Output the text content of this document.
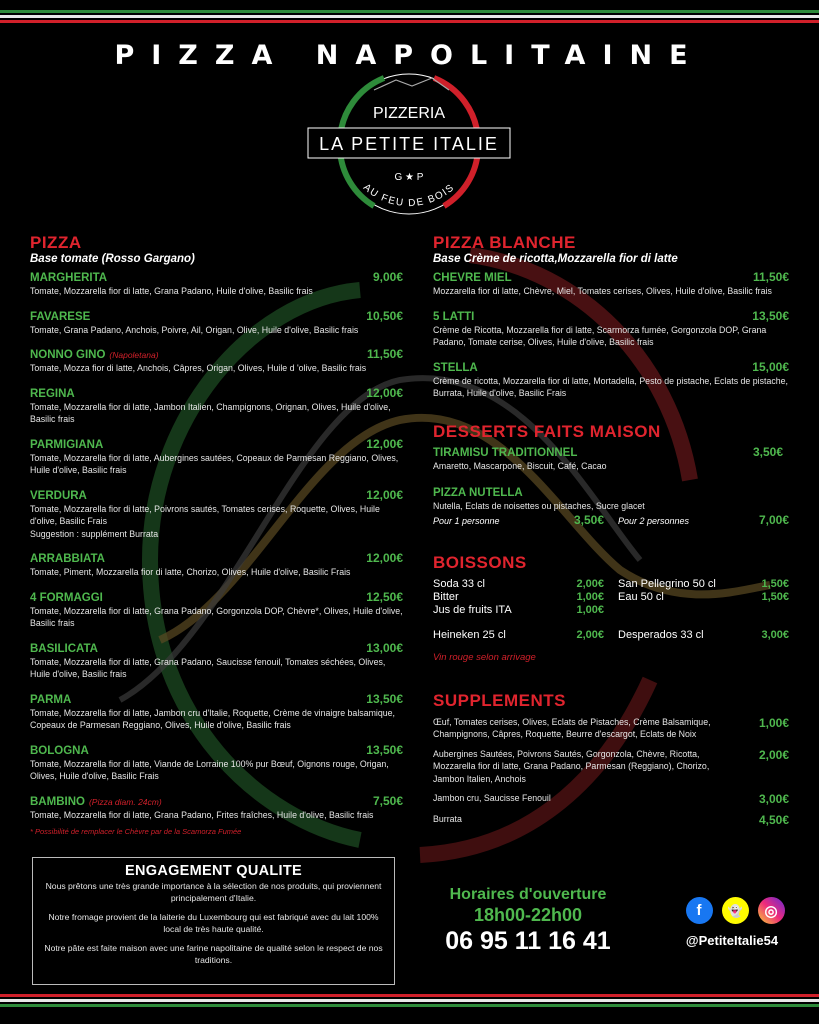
PIZZA NAPOLITAINE
PIZZERIA
LA PETITE ITALIE
G ★ P
AU FEU DE BOIS
PIZZA
Base tomate (Rosso Gargano)
MARGHERITA	9,00€
Tomate, Mozzarella fior di latte, Grana Padano, Huile d'olive, Basilic frais
FAVARESE	10,50€
Tomate, Grana Padano, Anchois, Poivre, Ail, Origan, Olive, Huile d'olive, Basilic frais
NONNO GINO (Napoletana)	11,50€
Tomate, Mozza fior di latte, Anchois, Câpres, Origan, Olives, Huile d 'olive, Basilic frais
REGINA	12,00€
Tomate, Mozzarella fior di latte, Jambon Italien, Champignons, Orignan, Olives, Huile d'olive, Basilic frais
PARMIGIANA	12,00€
Tomate, Mozzarella fior di latte, Aubergines sautées, Copeaux de Parmesan Reggiano, Olives, Huile d'olive, Basilic frais
VERDURA	12,00€
Tomate, Mozzarella fior di latte, Poivrons sautés, Tomates cerises, Roquette, Olives, Huile d'olive, Basilic Frais
Suggestion : supplément Burrata
ARRABBIATA	12,00€
Tomate, Piment, Mozzarella fior di latte, Chorizo, Olives, Huile d'olive, Basilic Frais
4 FORMAGGI	12,50€
Tomate, Mozzarella fior di latte, Grana Padano, Gorgonzola DOP, Chèvre*, Olives, Huile d'olive, Basilic frais
BASILICATA	13,00€
Tomate, Mozzarella fior di latte, Grana Padano, Saucisse fenouil, Tomates séchées, Olives, Huile d'olive, Basilic frais
PARMA	13,50€
Tomate, Mozzarella fior di latte, Jambon cru d'Italie, Roquette, Crème de vinaigre balsamique, Copeaux de Parmesan Reggiano, Olives, Huile d'olive, Basilic frais
BOLOGNA	13,50€
Tomate, Mozzarella fior di latte, Viande de Lorraine 100% pur Bœuf, Oignons rouge, Origan, Olives, Huile d'olive, Basilic Frais
BAMBINO (Pizza diam. 24cm)	7,50€
Tomate, Mozzarella fior di latte, Grana Padano, Frites fraîches, Huile d'olive, Basilic frais
* Possibilité de remplacer le Chèvre par de la Scamorza Fumée
PIZZA BLANCHE
Base Crème de ricotta,Mozzarella fior di latte
CHEVRE MIEL	11,50€
Mozzarella fior di latte, Chèvre, Miel, Tomates cerises, Olives, Huile d'olive, Basilic frais
5 LATTI	13,50€
Crème de Ricotta, Mozzarella fior di latte, Scarmorza fumée, Gorgonzola DOP, Grana Padano, Tomate cerise, Olives, Huile d'olive, Basilic frais
STELLA	15,00€
Crème de ricotta, Mozzarella fior di latte, Mortadella, Pesto de pistache, Eclats de pistache, Burrata, Huile d'olive, Basilic Frais
DESSERTS FAITS MAISON
TIRAMISU TRADITIONNEL	3,50€
Amaretto, Mascarpone, Biscuit, Café, Cacao
PIZZA NUTELLA
Nutella, Eclats de noisettes ou pistaches, Sucre glacet
Pour 1 personne	3,50€ Pour 2 personnes	7,00€
BOISSONS
Soda 33 cl	2,00€
Bitter	1,00€
Jus de fruits ITA	1,00€
San Pellegrino 50 cl	1,50€
Eau 50 cl	1,50€
Heineken 25 cl	2,00€ Desperados 33 cl	3,00€
Vin rouge selon arrivage
SUPPLEMENTS
Œuf, Tomates cerises, Olives, Eclats de Pistaches, Crème Balsamique, Champignons, Câpres, Roquette, Beurre d'escargot, Eclats de Noix
1,00€
Aubergines Sautées, Poivrons Sautés, Gorgonzola, Chèvre, Ricotta, Mozzarella fior di latte, Grana Padano, Parmesan (Reggiano), Chorizo, Jambon Italien, Anchois
2,00€
Jambon cru, Saucisse Fenouil	3,00€
Burrata	4,50€
ENGAGEMENT QUALITE

Nous prêtons une très grande importance à la sélection de nos produits, qui proviennent principalement d'Italie.

Notre fromage provient de la laiterie du Luxembourg qui est fabriqué avec du lait 100% local de très haute qualité.

Notre pâte est faite maison avec une farine napolitaine de qualité selon le respect de nos traditions.

Horaires d'ouverture
18h00-22h00
06 95 11 16 41
f	👻	◎
@PetiteItalie54
